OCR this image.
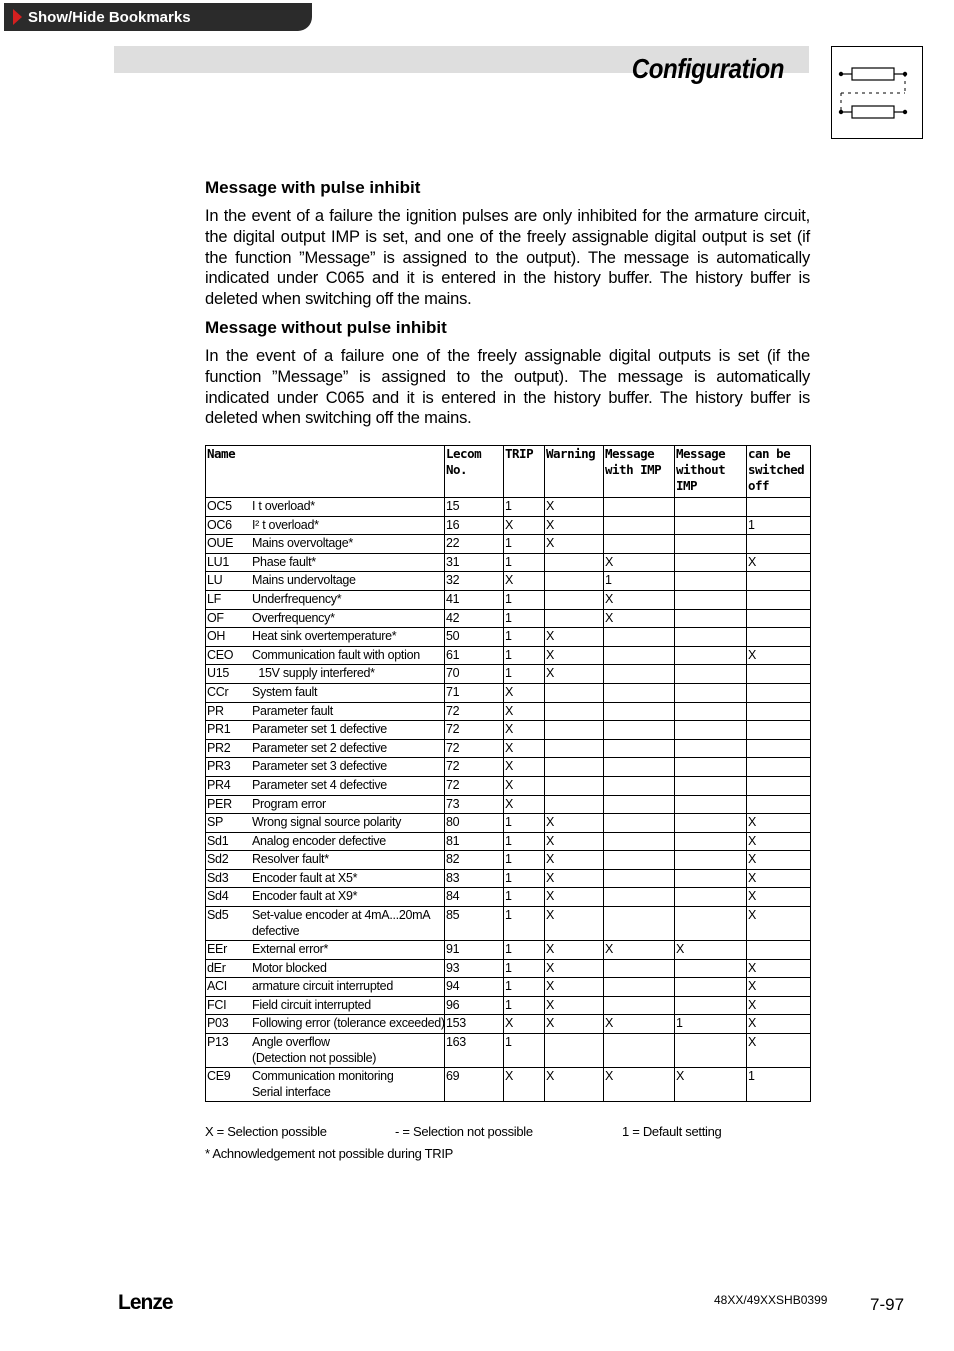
Show/Hide Bookmarks
Configuration
Message with pulse inhibit
In the event of a failure the ignition pulses are only inhibited for the armature circuit, the digital output IMP is set, and one of the freely assignable digital output is set (if the function ”Message” is assigned to the output). The message is automatically indicated under C065 and it is entered in the history buffer. The history buffer is deleted when switching off the mains.
Message without pulse inhibit
In the event of a failure one of the freely assignable digital outputs is set (if the function ”Message” is assigned to the output). The message is automatically indicated under C065 and it is entered in the history buffer. The history buffer is deleted when switching off the mains.
Name	Lecom No.	TRIP	Warning	Message with IMP	Message without IMP	can be switched off

OC5 I t overload*	15	1	X			

OC6 I² t overload*	16	X	X			1

OUE Mains overvoltage*	22	1	X			

LU1 Phase fault*	31	1		X		X

LU Mains undervoltage	32	X		1		

LF Underfrequency*	41	1		X		

OF Overfrequency*	42	1		X		

OH Heat sink overtemperature*	50	1	X			

CEO Communication fault with option	61	1	X			X

U15 15V supply interfered*	70	1	X			

CCr System fault	71	X				

PR Parameter fault	72	X				

PR1 Parameter set 1 defective	72	X				

PR2 Parameter set 2 defective	72	X				

PR3 Parameter set 3 defective	72	X				

PR4 Parameter set 4 defective	72	X				

PER Program error	73	X				

SP Wrong signal source polarity	80	1	X			X

Sd1 Analog encoder defective	81	1	X			X

Sd2 Resolver fault*	82	1	X			X

Sd3 Encoder fault at X5*	83	1	X			X

Sd4 Encoder fault at X9*	84	1	X			X

Sd5 Set-value encoder at 4mA...20mA
defective	85	1	X			X

EEr External error*	91	1	X	X	X	

dEr Motor blocked	93	1	X			X

ACI armature circuit interrupted	94	1	X			X

FCI Field circuit interrupted	96	1	X			X

P03 Following error (tolerance exceeded)	153	X	X	X	1	X

P13 Angle overflow
(Detection not possible)	163	1				X

CE9 Communication monitoring
Serial interface	69	X	X	X	X	1
X = Selection possible	- = Selection not possible	1 = Default setting
* Achnowledgement not possible during TRIP
Lenze	48XX/49XXSHB0399	7-97
